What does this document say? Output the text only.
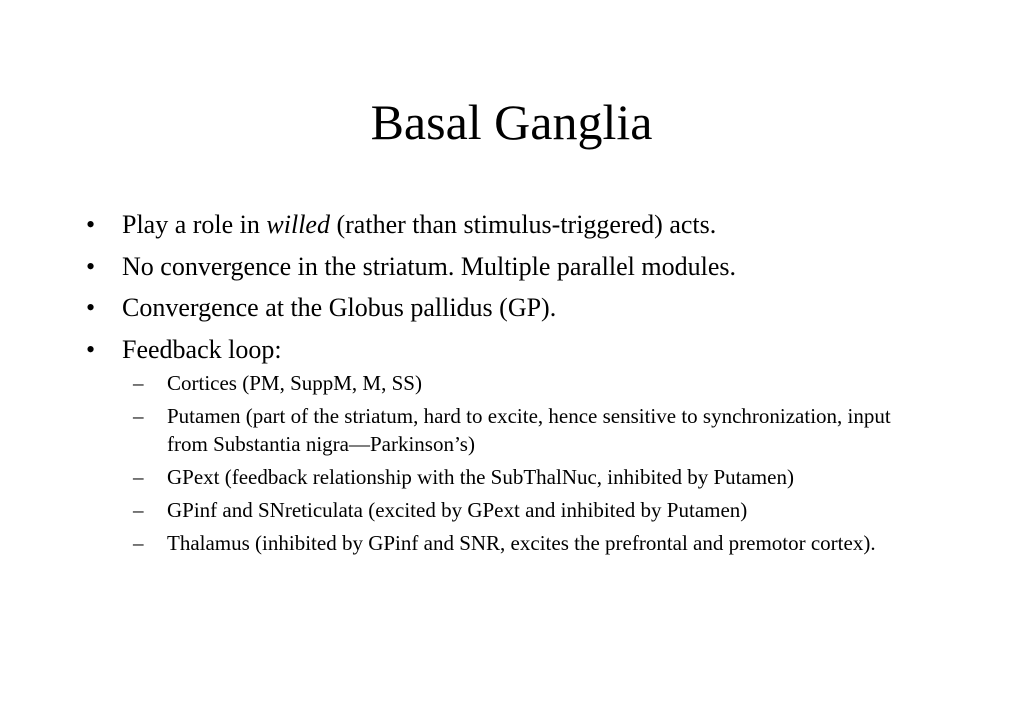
Basal Ganglia
• Play a role in willed (rather than stimulus-triggered) acts.
• No convergence in the striatum. Multiple parallel modules.
• Convergence at the Globus pallidus (GP).
• Feedback loop:
– Cortices (PM, SuppM, M, SS)
– Putamen (part of the striatum, hard to excite, hence sensitive to synchronization, input from Substantia nigra—Parkinson’s)
– GPext (feedback relationship with the SubThalNuc, inhibited by Putamen)
– GPinf and SNreticulata (excited by GPext and inhibited by Putamen)
– Thalamus (inhibited by GPinf and SNR, excites the prefrontal and premotor cortex).
